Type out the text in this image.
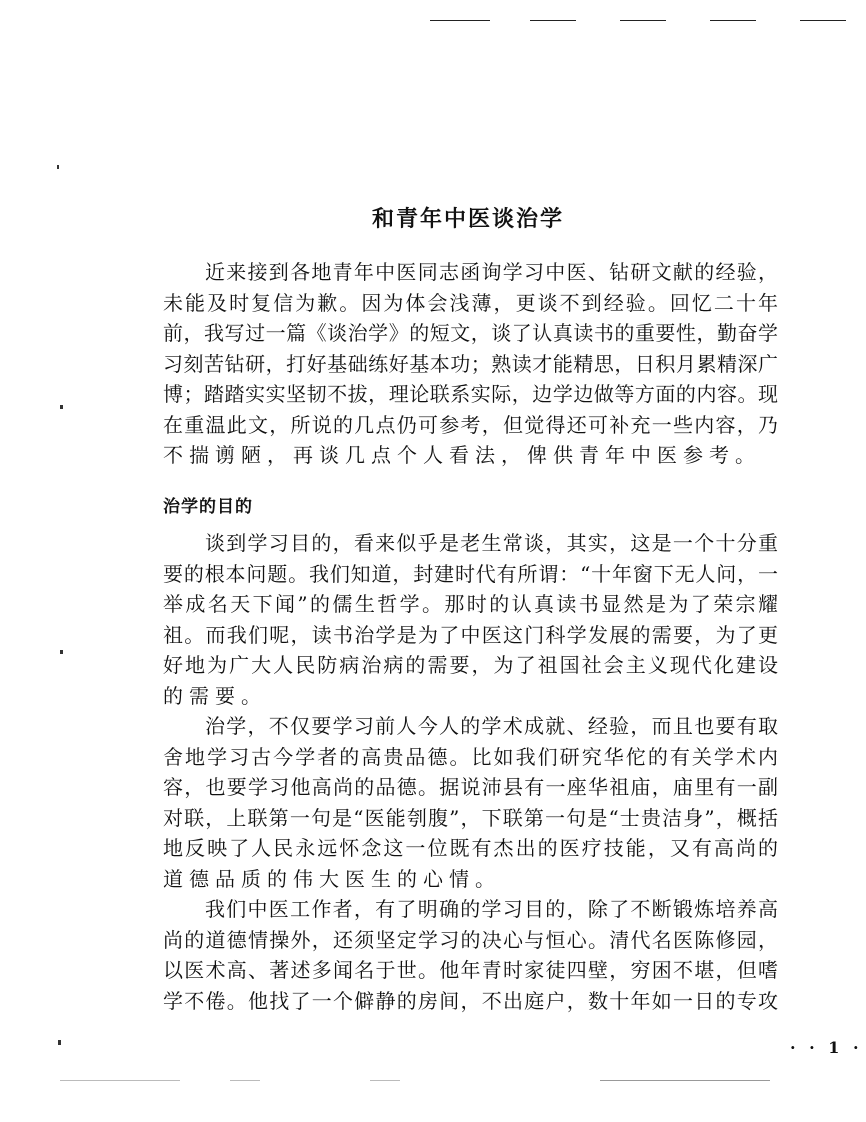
和青年中医谈治学
近来接到各地青年中医同志函询学习中医、钻研文献的经验，
未能及时复信为歉。因为体会浅薄，更谈不到经验。回忆二十年
前，我写过一篇《谈治学》的短文，谈了认真读书的重要性，勤奋学
习刻苦钻研，打好基础练好基本功；熟读才能精思，日积月累精深广
博；踏踏实实坚韧不拔，理论联系实际，边学边做等方面的内容。现
在重温此文，所说的几点仍可参考，但觉得还可补充一些内容，乃
不揣谫陋，再谈几点个人看法，俾供青年中医参考。
治学的目的
谈到学习目的，看来似乎是老生常谈，其实，这是一个十分重
要的根本问题。我们知道，封建时代有所谓：“十年窗下无人问，一
举成名天下闻”的儒生哲学。那时的认真读书显然是为了荣宗耀
祖。而我们呢，读书治学是为了中医这门科学发展的需要，为了更
好地为广大人民防病治病的需要，为了祖国社会主义现代化建设
的需要。
治学，不仅要学习前人今人的学术成就、经验，而且也要有取
舍地学习古今学者的高贵品德。比如我们研究华佗的有关学术内
容，也要学习他高尚的品德。据说沛县有一座华祖庙，庙里有一副
对联，上联第一句是“医能刳腹”，下联第一句是“士贵洁身”，概括
地反映了人民永远怀念这一位既有杰出的医疗技能，又有高尚的
道德品质的伟大医生的心情。
我们中医工作者，有了明确的学习目的，除了不断锻炼培养高
尚的道德情操外，还须坚定学习的决心与恒心。清代名医陈修园，
以医术高、著述多闻名于世。他年青时家徒四壁，穷困不堪，但嗜
学不倦。他找了一个僻静的房间，不出庭户，数十年如一日的专攻
· · 1 ·
